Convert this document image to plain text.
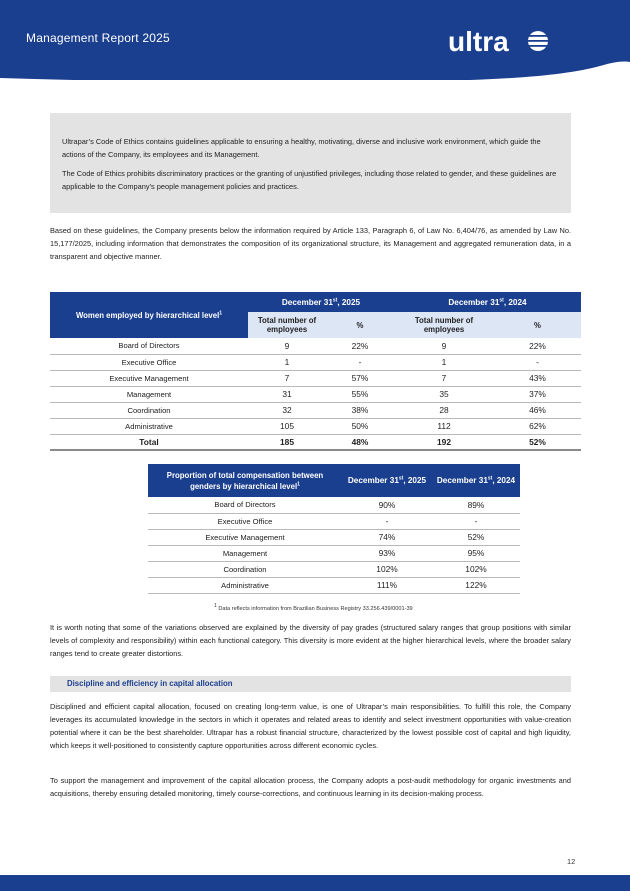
Management Report 2025	ultra

Ultrapar’s Code of Ethics contains guidelines applicable to ensuring a healthy, motivating, diverse and inclusive work environment, which guide the actions of the Company, its employees and its Management.

The Code of Ethics prohibits discriminatory practices or the granting of unjustified privileges, including those related to gender, and these guidelines are applicable to the Company’s people management policies and practices.

Based on these guidelines, the Company presents below the information required by Article 133, Paragraph 6, of Law No. 6,404/76, as amended by Law No. 15,177/2025, including information that demonstrates the composition of its organizational structure, its Management and aggregated remuneration data, in a transparent and objective manner.

Women employed by hierarchical level$^1$	December 31st, 2025		December 31st, 2024	
	Total number of employees	%	Total number of employees	%
Board of Directors	9	22%	9	22%
Executive Office	1	-	1	-
Executive Management	7	57%	7	43%
Management	31	55%	35	37%
Coordination	32	38%	28	46%
Administrative	105	50%	112	62%
Total	185	48%	192	52%
Proportion of total compensation between genders by hierarchical level$^1$	December 31st, 2025	December 31st, 2024
Board of Directors	90%	89%
Executive Office	-	-
Executive Management	74%	52%
Management	93%	95%
Coordination	102%	102%
Administrative	111%	122%
$^1$ Data reflects information from Brazilian Business Registry 33.256.439/0001-39

It is worth noting that some of the variations observed are explained by the diversity of pay grades (structured salary ranges that group positions with similar levels of complexity and responsibility) within each functional category. This diversity is more evident at the higher hierarchical levels, where the broader salary ranges tend to create greater distortions.

Discipline and efficiency in capital allocation

Disciplined and efficient capital allocation, focused on creating long-term value, is one of Ultrapar’s main responsibilities. To fulfill this role, the Company leverages its accumulated knowledge in the sectors in which it operates and related areas to identify and select investment opportunities with value-creation potential where it can be the best shareholder. Ultrapar has a robust financial structure, characterized by the lowest possible cost of capital and high liquidity, which keeps it well-positioned to consistently capture opportunities across different economic cycles.

To support the management and improvement of the capital allocation process, the Company adopts a post-audit methodology for organic investments and acquisitions, thereby ensuring detailed monitoring, timely course-corrections, and continuous learning in its decision-making process.

12
